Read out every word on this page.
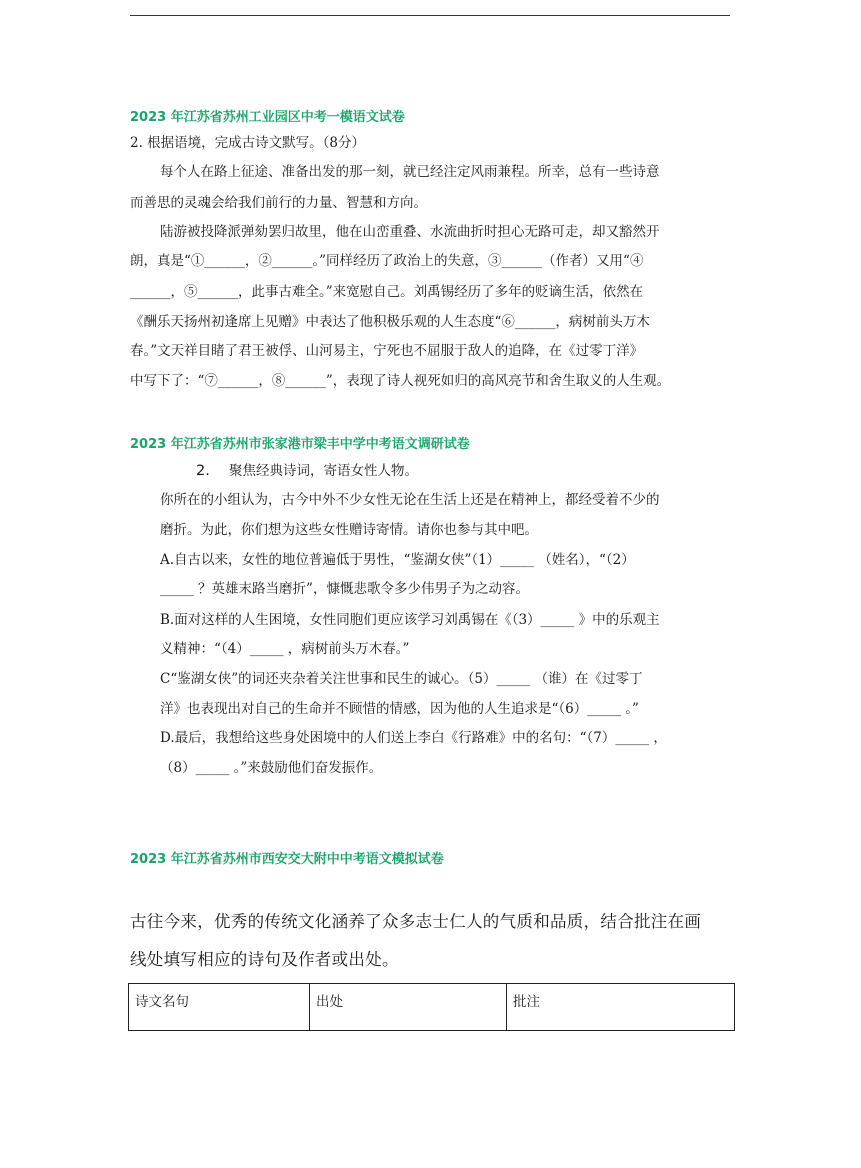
2023 年江苏省苏州工业园区中考一模语文试卷
2. 根据语境，完成古诗文默写。（8分）
每个人在路上征途、准备出发的那一刻，就已经注定风雨兼程。所幸，总有一些诗意
而善思的灵魂会给我们前行的力量、智慧和方向。
陆游被投降派弹劾罢归故里，他在山峦重叠、水流曲折时担心无路可走，却又豁然开
朗，真是“①______，②______。”同样经历了政治上的失意，③______（作者）又用“④
______，⑤______，此事古难全。”来宽慰自己。刘禹锡经历了多年的贬谪生活，依然在
《酬乐天扬州初逢席上见赠》中表达了他积极乐观的人生态度“⑥______，病树前头万木
春。”文天祥目睹了君王被俘、山河易主，宁死也不屈服于敌人的追降，在《过零丁洋》
中写下了：“⑦______，⑧______”，表现了诗人视死如归的高风亮节和舍生取义的人生观。
2023 年江苏省苏州市张家港市梁丰中学中考语文调研试卷
2. 聚焦经典诗词，寄语女性人物。
你所在的小组认为，古今中外不少女性无论在生活上还是在精神上，都经受着不少的
磨折。为此，你们想为这些女性赠诗寄情。请你也参与其中吧。
A.自古以来，女性的地位普遍低于男性，“鉴湖女侠”（1）_____ （姓名），“（2）
_____ ？英雄末路当磨折”，慷慨悲歌令多少伟男子为之动容。
B.面对这样的人生困境，女性同胞们更应该学习刘禹锡在《（3）_____ 》中的乐观主
义精神：“（4）_____ ，病树前头万木春。”
C“鉴湖女侠”的词还夹杂着关注世事和民生的诚心。（5）_____ （谁）在《过零丁
洋》也表现出对自己的生命并不顾惜的情感，因为他的人生追求是“（6）_____ 。”
D.最后，我想给这些身处困境中的人们送上李白《行路难》中的名句：“（7）_____ ，
（8）_____ 。”来鼓励他们奋发振作。
2023 年江苏省苏州市西安交大附中中考语文模拟试卷
古往今来，优秀的传统文化涵养了众多志士仁人的气质和品质，结合批注在画
线处填写相应的诗句及作者或出处。
诗文名句	出处	批注
